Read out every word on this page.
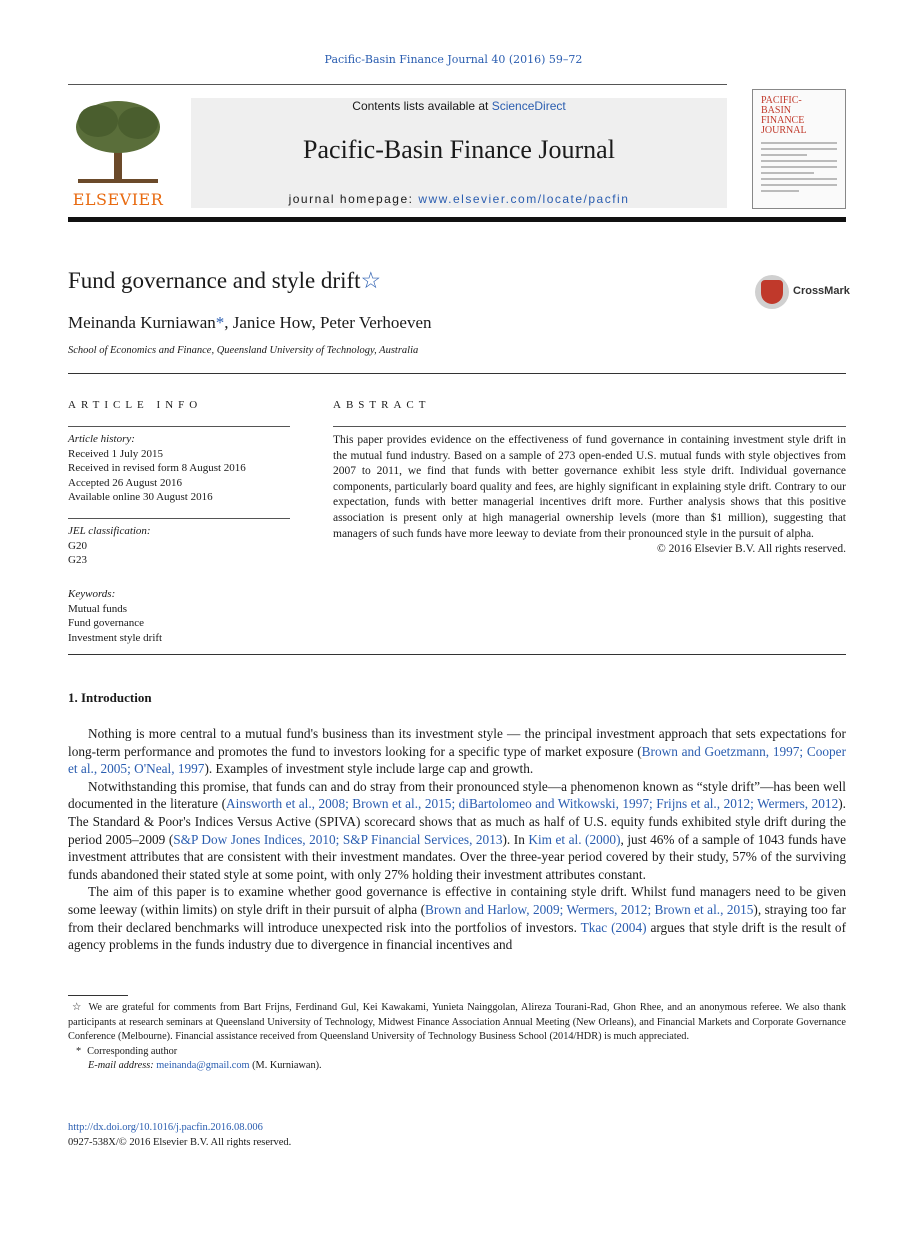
Pacific-Basin Finance Journal 40 (2016) 59–72
ELSEVIER
Contents lists available at ScienceDirect
Pacific-Basin Finance Journal
journal homepage: www.elsevier.com/locate/pacfin
PACIFIC-BASIN FINANCE JOURNAL
Fund governance and style drift☆	CrossMark
Meinanda Kurniawan*, Janice How, Peter Verhoeven
School of Economics and Finance, Queensland University of Technology, Australia
ARTICLE INFO
Article history:
Received 1 July 2015
Received in revised form 8 August 2016
Accepted 26 August 2016
Available online 30 August 2016
JEL classification:
G20
G23
Keywords:
Mutual funds
Fund governance
Investment style drift
ABSTRACT
This paper provides evidence on the effectiveness of fund governance in containing investment style drift in the mutual fund industry. Based on a sample of 273 open-ended U.S. mutual funds with style objectives from 2007 to 2011, we find that funds with better governance exhibit less style drift. Individual governance components, particularly board quality and fees, are highly significant in explaining style drift. Contrary to our expectation, funds with better managerial incentives drift more. Further analysis shows that this positive association is present only at high managerial ownership levels (more than $1 million), suggesting that managers of such funds have more leeway to deviate from their pronounced style in the pursuit of alpha.
© 2016 Elsevier B.V. All rights reserved.
1. Introduction

Nothing is more central to a mutual fund's business than its investment style — the principal investment approach that sets expectations for long-term performance and promotes the fund to investors looking for a specific type of market exposure (Brown and Goetzmann, 1997; Cooper et al., 2005; O'Neal, 1997). Examples of investment style include large cap and growth.

Notwithstanding this promise, that funds can and do stray from their pronounced style—a phenomenon known as “style drift”—has been well documented in the literature (Ainsworth et al., 2008; Brown et al., 2015; diBartolomeo and Witkowski, 1997; Frijns et al., 2012; Wermers, 2012). The Standard & Poor's Indices Versus Active (SPIVA) scorecard shows that as much as half of U.S. equity funds exhibited style drift during the period 2005–2009 (S&P Dow Jones Indices, 2010; S&P Financial Services, 2013). In Kim et al. (2000), just 46% of a sample of 1043 funds have investment attributes that are consistent with their investment mandates. Over the three-year period covered by their study, 57% of the surviving funds abandoned their stated style at some point, with only 27% holding their investment attributes constant.

The aim of this paper is to examine whether good governance is effective in containing style drift. Whilst fund managers need to be given some leeway (within limits) on style drift in their pursuit of alpha (Brown and Harlow, 2009; Wermers, 2012; Brown et al., 2015), straying too far from their declared benchmarks will introduce unexpected risk into the portfolios of investors. Tkac (2004) argues that style drift is the result of agency problems in the funds industry due to divergence in financial incentives and

☆ We are grateful for comments from Bart Frijns, Ferdinand Gul, Kei Kawakami, Yunieta Nainggolan, Alireza Tourani-Rad, Ghon Rhee, and an anonymous referee. We also thank participants at research seminars at Queensland University of Technology, Midwest Finance Association Annual Meeting (New Orleans), and Financial Markets and Corporate Governance Conference (Melbourne). Financial assistance received from Queensland University of Technology Business School (2014/HDR) is much appreciated.

* Corresponding author

E-mail address: meinanda@gmail.com (M. Kurniawan).

http://dx.doi.org/10.1016/j.pacfin.2016.08.006
0927-538X/© 2016 Elsevier B.V. All rights reserved.
